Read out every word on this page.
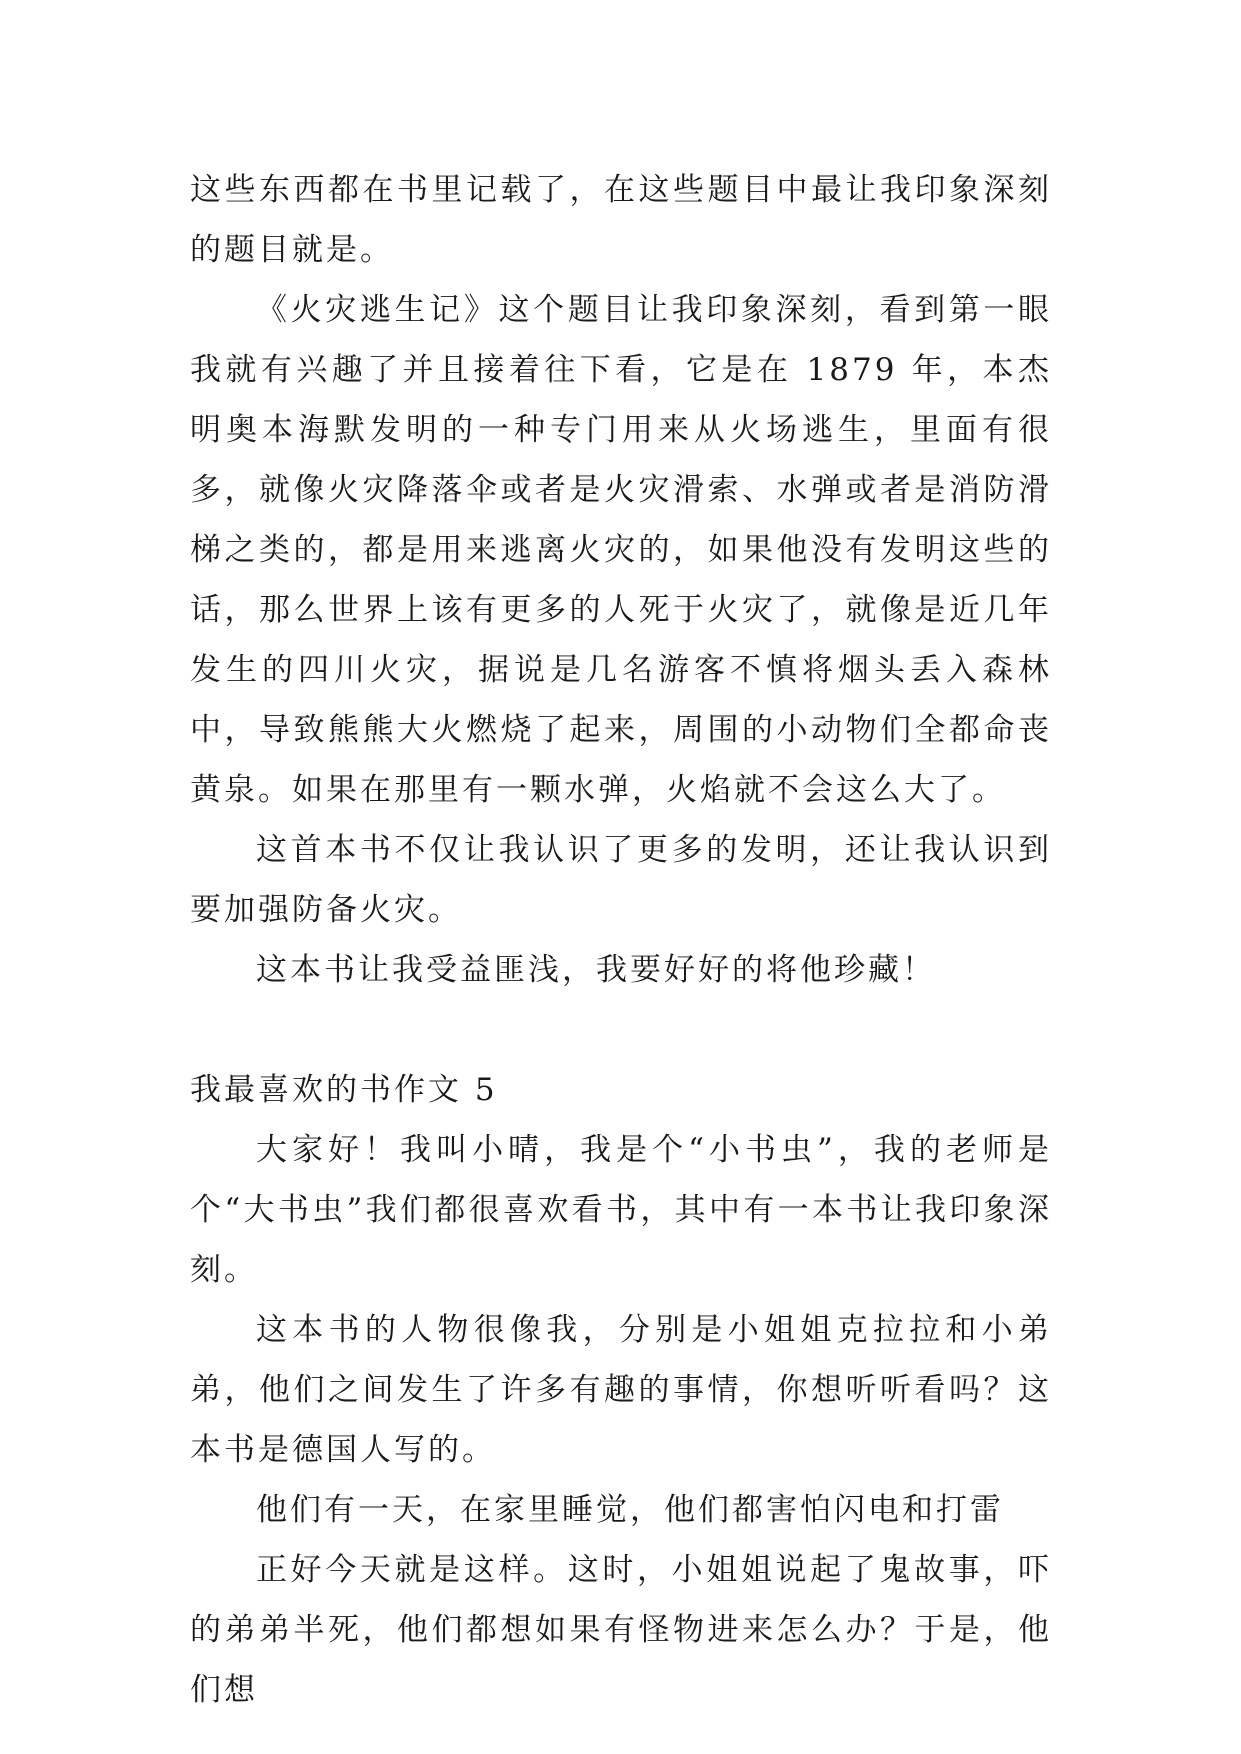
这些东西都在书里记载了，在这些题目中最让我印象深刻的题目就是。

《火灾逃生记》这个题目让我印象深刻，看到第一眼我就有兴趣了并且接着往下看，它是在 1879 年，本杰明奥本海默发明的一种专门用来从火场逃生，里面有很多，就像火灾降落伞或者是火灾滑索、水弹或者是消防滑梯之类的，都是用来逃离火灾的，如果他没有发明这些的话，那么世界上该有更多的人死于火灾了，就像是近几年发生的四川火灾，据说是几名游客不慎将烟头丢入森林中，导致熊熊大火燃烧了起来，周围的小动物们全都命丧黄泉。如果在那里有一颗水弹，火焰就不会这么大了。

这首本书不仅让我认识了更多的发明，还让我认识到要加强防备火灾。

这本书让我受益匪浅，我要好好的将他珍藏！

我最喜欢的书作文 5

大家好！我叫小晴，我是个“小书虫”，我的老师是个“大书虫”我们都很喜欢看书，其中有一本书让我印象深刻。

这本书的人物很像我，分别是小姐姐克拉拉和小弟弟，他们之间发生了许多有趣的事情，你想听听看吗？这本书是德国人写的。

他们有一天，在家里睡觉，他们都害怕闪电和打雷

正好今天就是这样。这时，小姐姐说起了鬼故事，吓的弟弟半死，他们都想如果有怪物进来怎么办？于是，他们想
